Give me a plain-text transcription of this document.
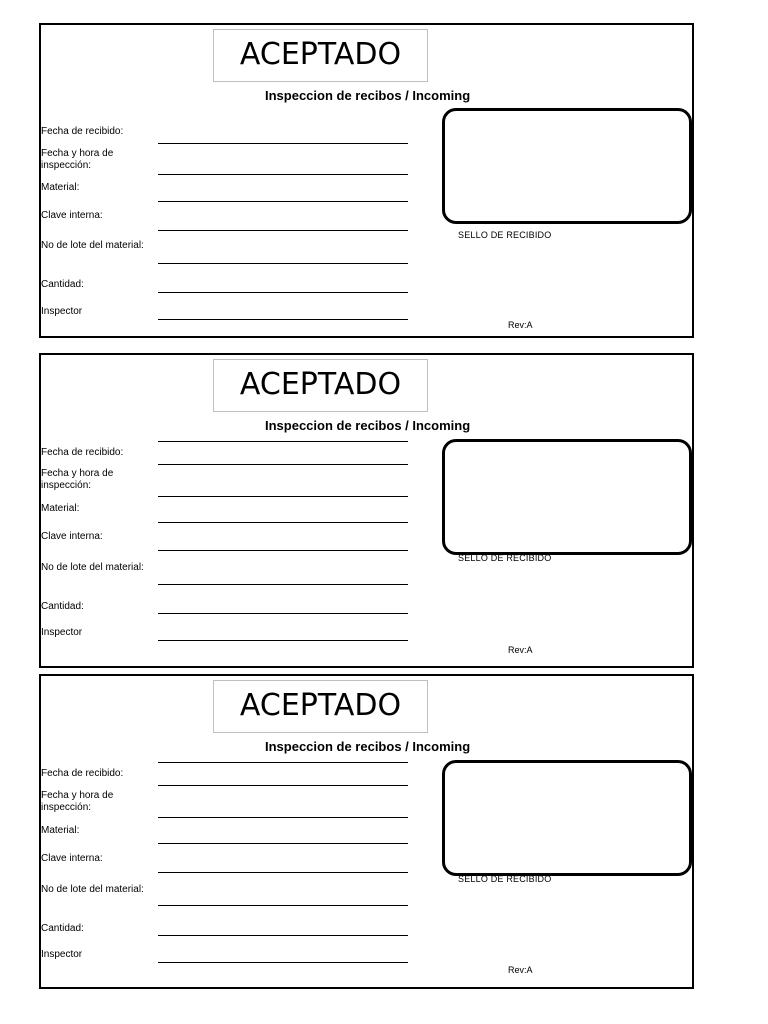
ACEPTADO
Inspeccion de recibos / Incoming
Fecha de recibido:
Fecha y hora de
inspección:
Material:
Clave interna:
No de lote del material:
Cantidad:
Inspector
SELLO DE RECIBIDO
Rev:A
ACEPTADO
Inspeccion de recibos / Incoming
Fecha de recibido:
Fecha y hora de
inspección:
Material:
Clave interna:
No de lote del material:
Cantidad:
Inspector
SELLO DE RECIBIDO
Rev:A
ACEPTADO
Inspeccion de recibos / Incoming
Fecha de recibido:
Fecha y hora de
inspección:
Material:
Clave interna:
No de lote del material:
Cantidad:
Inspector
SELLO DE RECIBIDO
Rev:A
